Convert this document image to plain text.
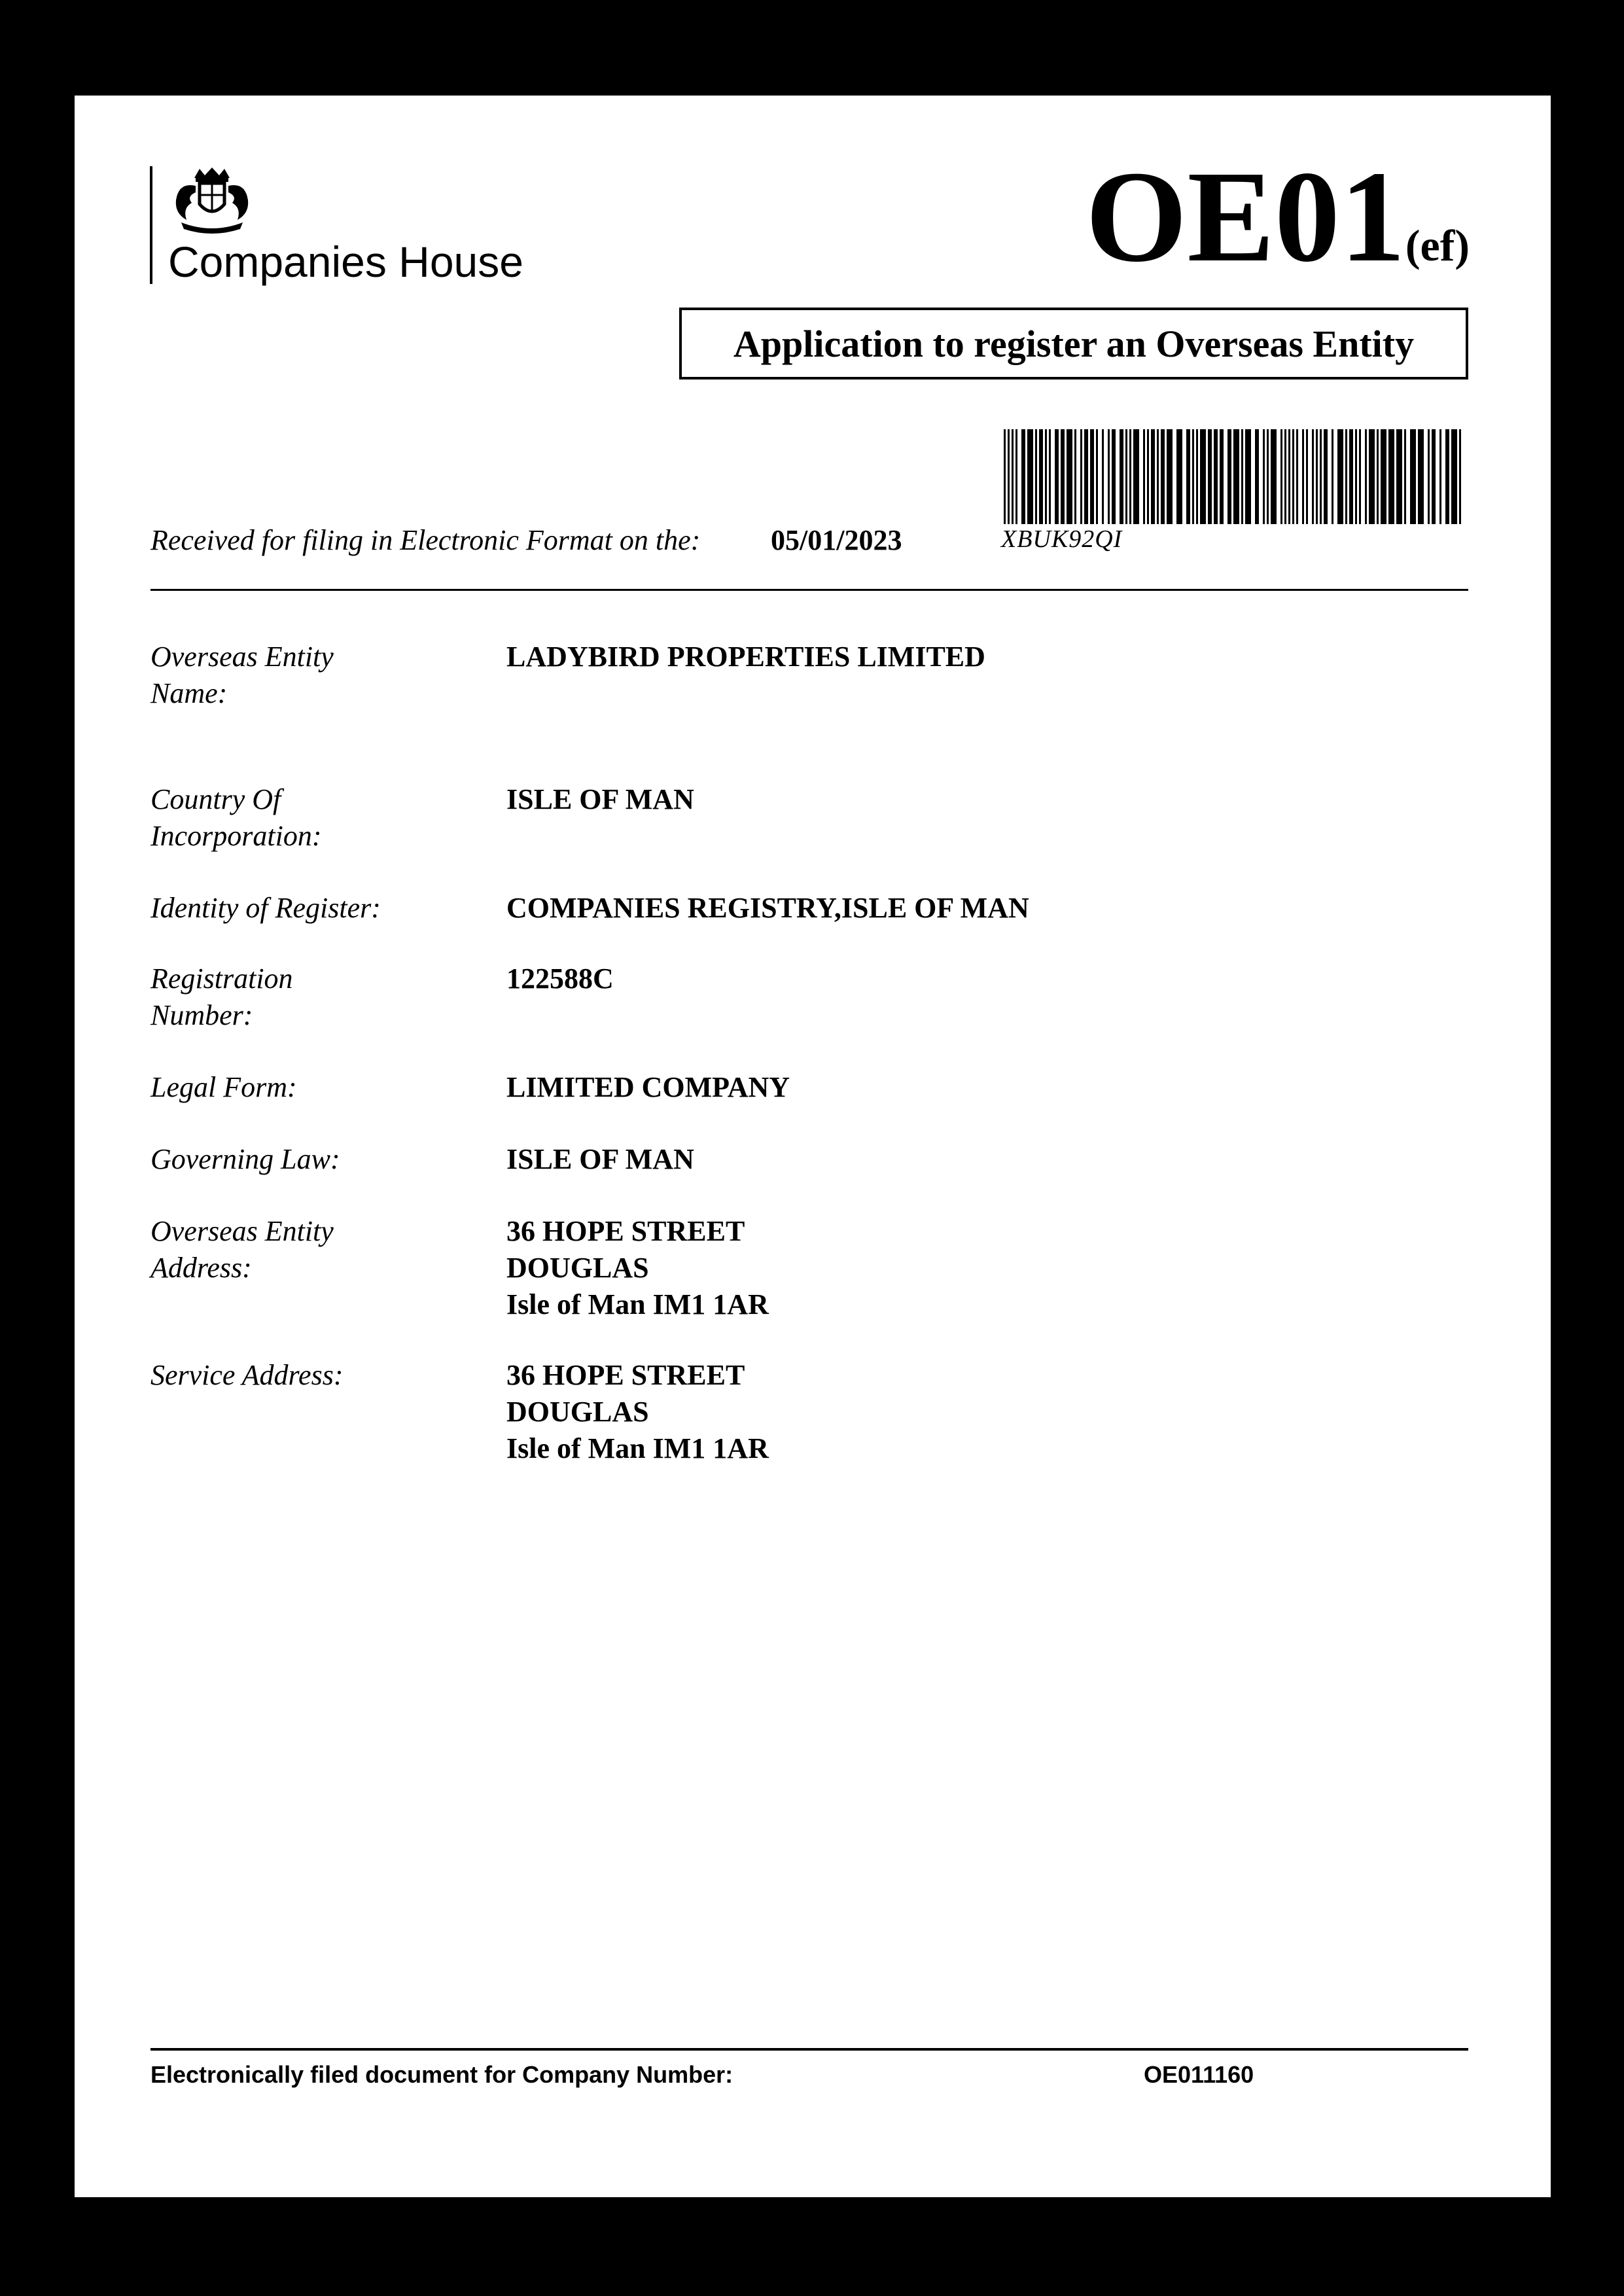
Companies House	OE01(ef)
Application to register an Overseas Entity
XBUK92QI
Received for filing in Electronic Format on the: 05/01/2023
Overseas Entity
Name:
LADYBIRD PROPERTIES LIMITED
Country Of
Incorporation:
ISLE OF MAN
Identity of Register:	COMPANIES REGISTRY,ISLE OF MAN
Registration
Number:
122588C
Legal Form:	LIMITED COMPANY
Governing Law:	ISLE OF MAN
Overseas Entity
Address:
36 HOPE STREET
DOUGLAS
Isle of Man IM1 1AR
Service Address:	36 HOPE STREET
DOUGLAS
Isle of Man IM1 1AR
Electronically filed document for Company Number:	OE011160
